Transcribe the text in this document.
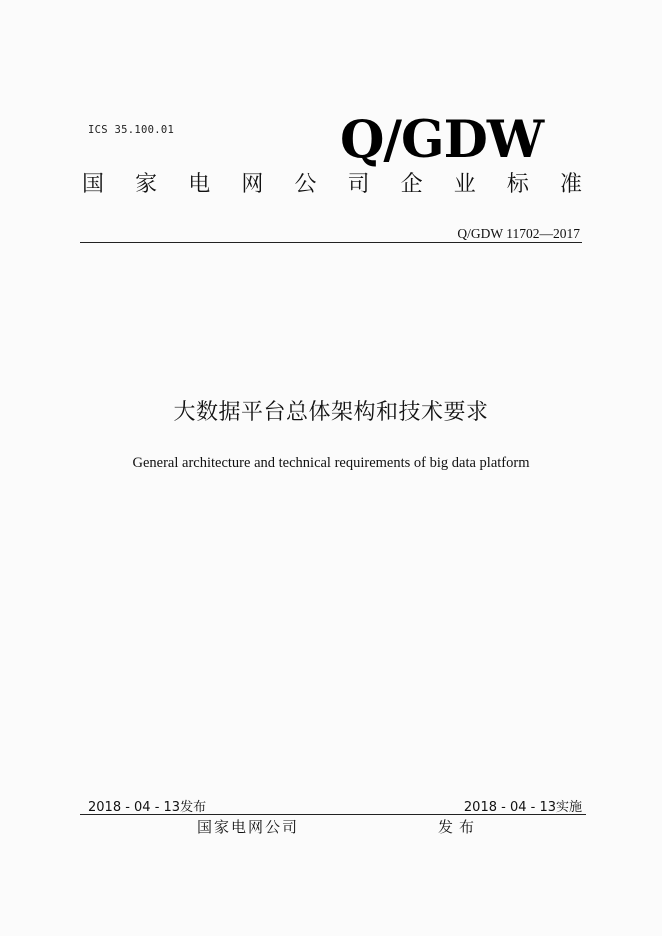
ICS 35.100.01	Q/GDW
国 家 电 网 公 司 企 业 标 准
Q/GDW 11702—2017
大数据平台总体架构和技术要求
General architecture and technical requirements of big data platform
2018 - 04 - 13发布	2018 - 04 - 13实施
国家电网公司	发布
